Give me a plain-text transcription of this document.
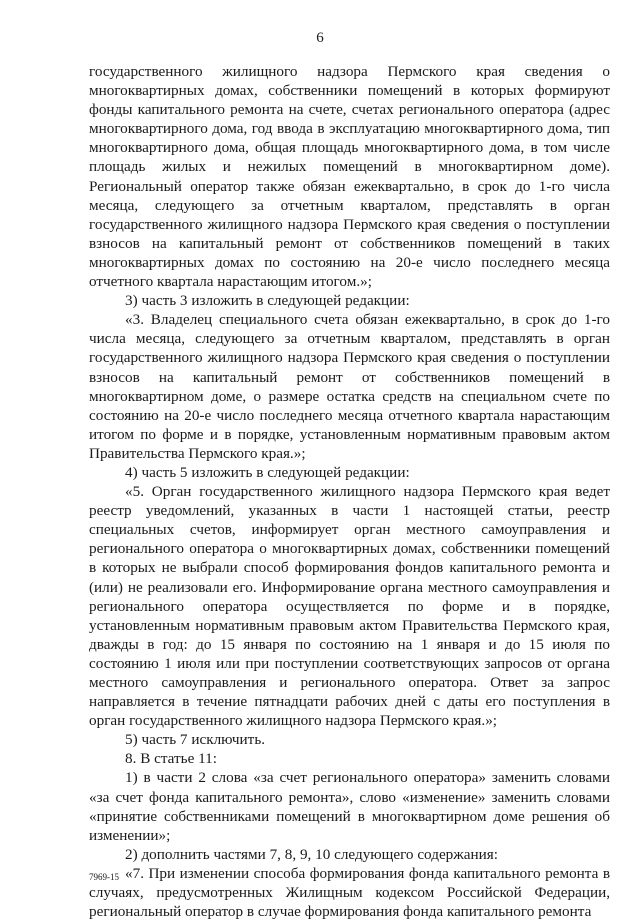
6

государственного жилищного надзора Пермского края сведения о многоквартирных домах, собственники помещений в которых формируют фонды капитального ремонта на счете, счетах регионального оператора (адрес многоквартирного дома, год ввода в эксплуатацию многоквартирного дома, тип многоквартирного дома, общая площадь многоквартирного дома, в том числе площадь жилых и нежилых помещений в многоквартирном доме). Региональный оператор также обязан ежеквартально, в срок до 1-го числа месяца, следующего за отчетным кварталом, представлять в орган государственного жилищного надзора Пермского края сведения о поступлении взносов на капитальный ремонт от собственников помещений в таких многоквартирных домах по состоянию на 20-е число последнего месяца отчетного квартала нарастающим итогом.»;

3) часть 3 изложить в следующей редакции:

«3. Владелец специального счета обязан ежеквартально, в срок до 1-го числа месяца, следующего за отчетным кварталом, представлять в орган государственного жилищного надзора Пермского края сведения о поступлении взносов на капитальный ремонт от собственников помещений в многоквартирном доме, о размере остатка средств на специальном счете по состоянию на 20-е число последнего месяца отчетного квартала нарастающим итогом по форме и в порядке, установленным нормативным правовым актом Правительства Пермского края.»;

4) часть 5 изложить в следующей редакции:

«5. Орган государственного жилищного надзора Пермского края ведет реестр уведомлений, указанных в части 1 настоящей статьи, реестр специальных счетов, информирует орган местного самоуправления и регионального оператора о многоквартирных домах, собственники помещений в которых не выбрали способ формирования фондов капитального ремонта и (или) не реализовали его. Информирование органа местного самоуправления и регионального оператора осуществляется по форме и в порядке, установленным нормативным правовым актом Правительства Пермского края, дважды в год: до 15 января по состоянию на 1 января и до 15 июля по состоянию 1 июля или при поступлении соответствующих запросов от органа местного самоуправления и регионального оператора. Ответ за запрос направляется в течение пятнадцати рабочих дней с даты его поступления в орган государственного жилищного надзора Пермского края.»;

5) часть 7 исключить.

8. В статье 11:

1) в части 2 слова «за счет регионального оператора» заменить словами «за счет фонда капитального ремонта», слово «изменение» заменить словами «принятие собственниками помещений в многоквартирном доме решения об изменении»;

2) дополнить частями 7, 8, 9, 10 следующего содержания:

«7. При изменении способа формирования фонда капитального ремонта в случаях, предусмотренных Жилищным кодексом Российской Федерации, региональный оператор в случае формирования фонда капитального ремонта

7969-15
